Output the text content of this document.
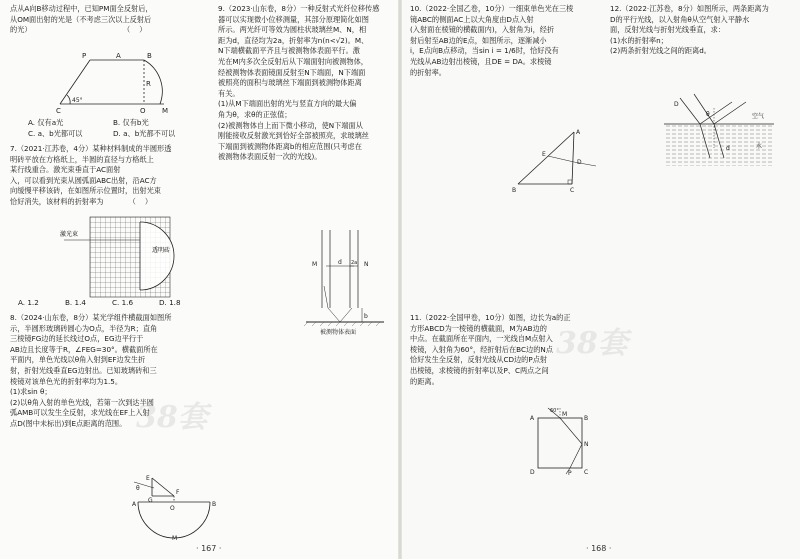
点从A向B移动过程中，已知PM面全反射后，

从OM面出射的光是（不考虑三次以上反射后

的光）                                        （    ）

P	A	B
45°
R
C	O M

A. 仅有a光	B. 仅有b光

C. a、b光都可以	D. a、b光都不可以

7.（2021·江苏卷，4分）某种材料制成的半圆形透

明砖平放在方格纸上，半圆的直径与方格纸上

某行线重合。激光束垂直于AC面射

入，可以看到光束从圆弧面ABC出射，沿AC方

向缓慢平移该砖，在如图所示位置时，出射光束

恰好消失，该材料的折射率为           （    ）

激光束
透明砖

A. 1.2	B. 1.4	C. 1.6	D. 1.8

8.（2024·山东卷，8分）某光学组件横截面如图所

示，半圆形玻璃砖圆心为O点，半径为R；直角

三棱镜FG边的延长线过O点，EG边平行于

AB边且长度等于R，∠FEG=30°。横截面所在

平面内，单色光线以θ角入射到EF边发生折

射，折射光线垂直EG边射出。已知玻璃砖和三

棱镜对该单色光的折射率均为1.5。

(1)求sin θ；

(2)以θ角入射的单色光线，若第一次到达半圆

弧AMB可以发生全反射，求光线在EF上入射

点D(图中未标出)到E点距离的范围。

E
F
G
θ
A
O
B
M

9.（2023·山东卷，8分）一种反射式光纤位移传感

器可以实现微小位移测量，其部分原理简化如图

所示。两光纤可等效为圆柱状玻璃丝M、N，相

距为d，直径均为2a，折射率为n(n<√2)。M、

N下端横截面平齐且与被测物体表面平行。激

光在M内多次全反射后从下端面射向被测物体，

经被测物体表面镜面反射至N下端面，N下端面

被照亮的面积与玻璃丝下端面到被测物体距离

有关。

(1)从M下端面出射的光与竖直方向的最大偏

角为θ，求θ的正弦值；

(2)被测物体自上而下微小移动，使N下端面从

刚能接收反射激光到恰好全部被照亮，求玻璃丝

下端面到被测物体距离b的相应范围(只考虑在

被测物体表面反射一次的光线)。

M	d 2a N
b
被测物体表面
38套
· 167 ·

10.（2022·全国乙卷，10分）一细束单色光在三棱

镜ABC的侧面AC上以大角度由D点入射

(入射面在棱镜的横截面内)，入射角为i，经折

射后射至AB边的E点，如图所示，逐渐减小

i，E点向B点移动，当sin i = 1/6时，恰好没有

光线从AB边射出棱镜，且DE = DA。求棱镜

的折射率。

A
E
D
B	C

11.（2022·全国甲卷，10分）如图，边长为a的正

方形ABCD为一棱镜的横截面，M为AB边的

中点。在截面所在平面内，一光线自M点射入

棱镜，入射角为60°，经折射后在BC边的N点

恰好发生全反射，反射光线从CD边的P点射

出棱镜，求棱镜的折射率以及P、C两点之间

的距离。

60°
A
M
B
N
D	P C
38套

12.（2022·江苏卷，8分）如图所示，两条距离为

D的平行光线，以入射角θ从空气射入平静水

面，反射光线与折射光线垂直，求：

(1)水的折射率n；

(2)两条折射光线之间的距离d。

D
θ	空气
d	水
· 168 ·
